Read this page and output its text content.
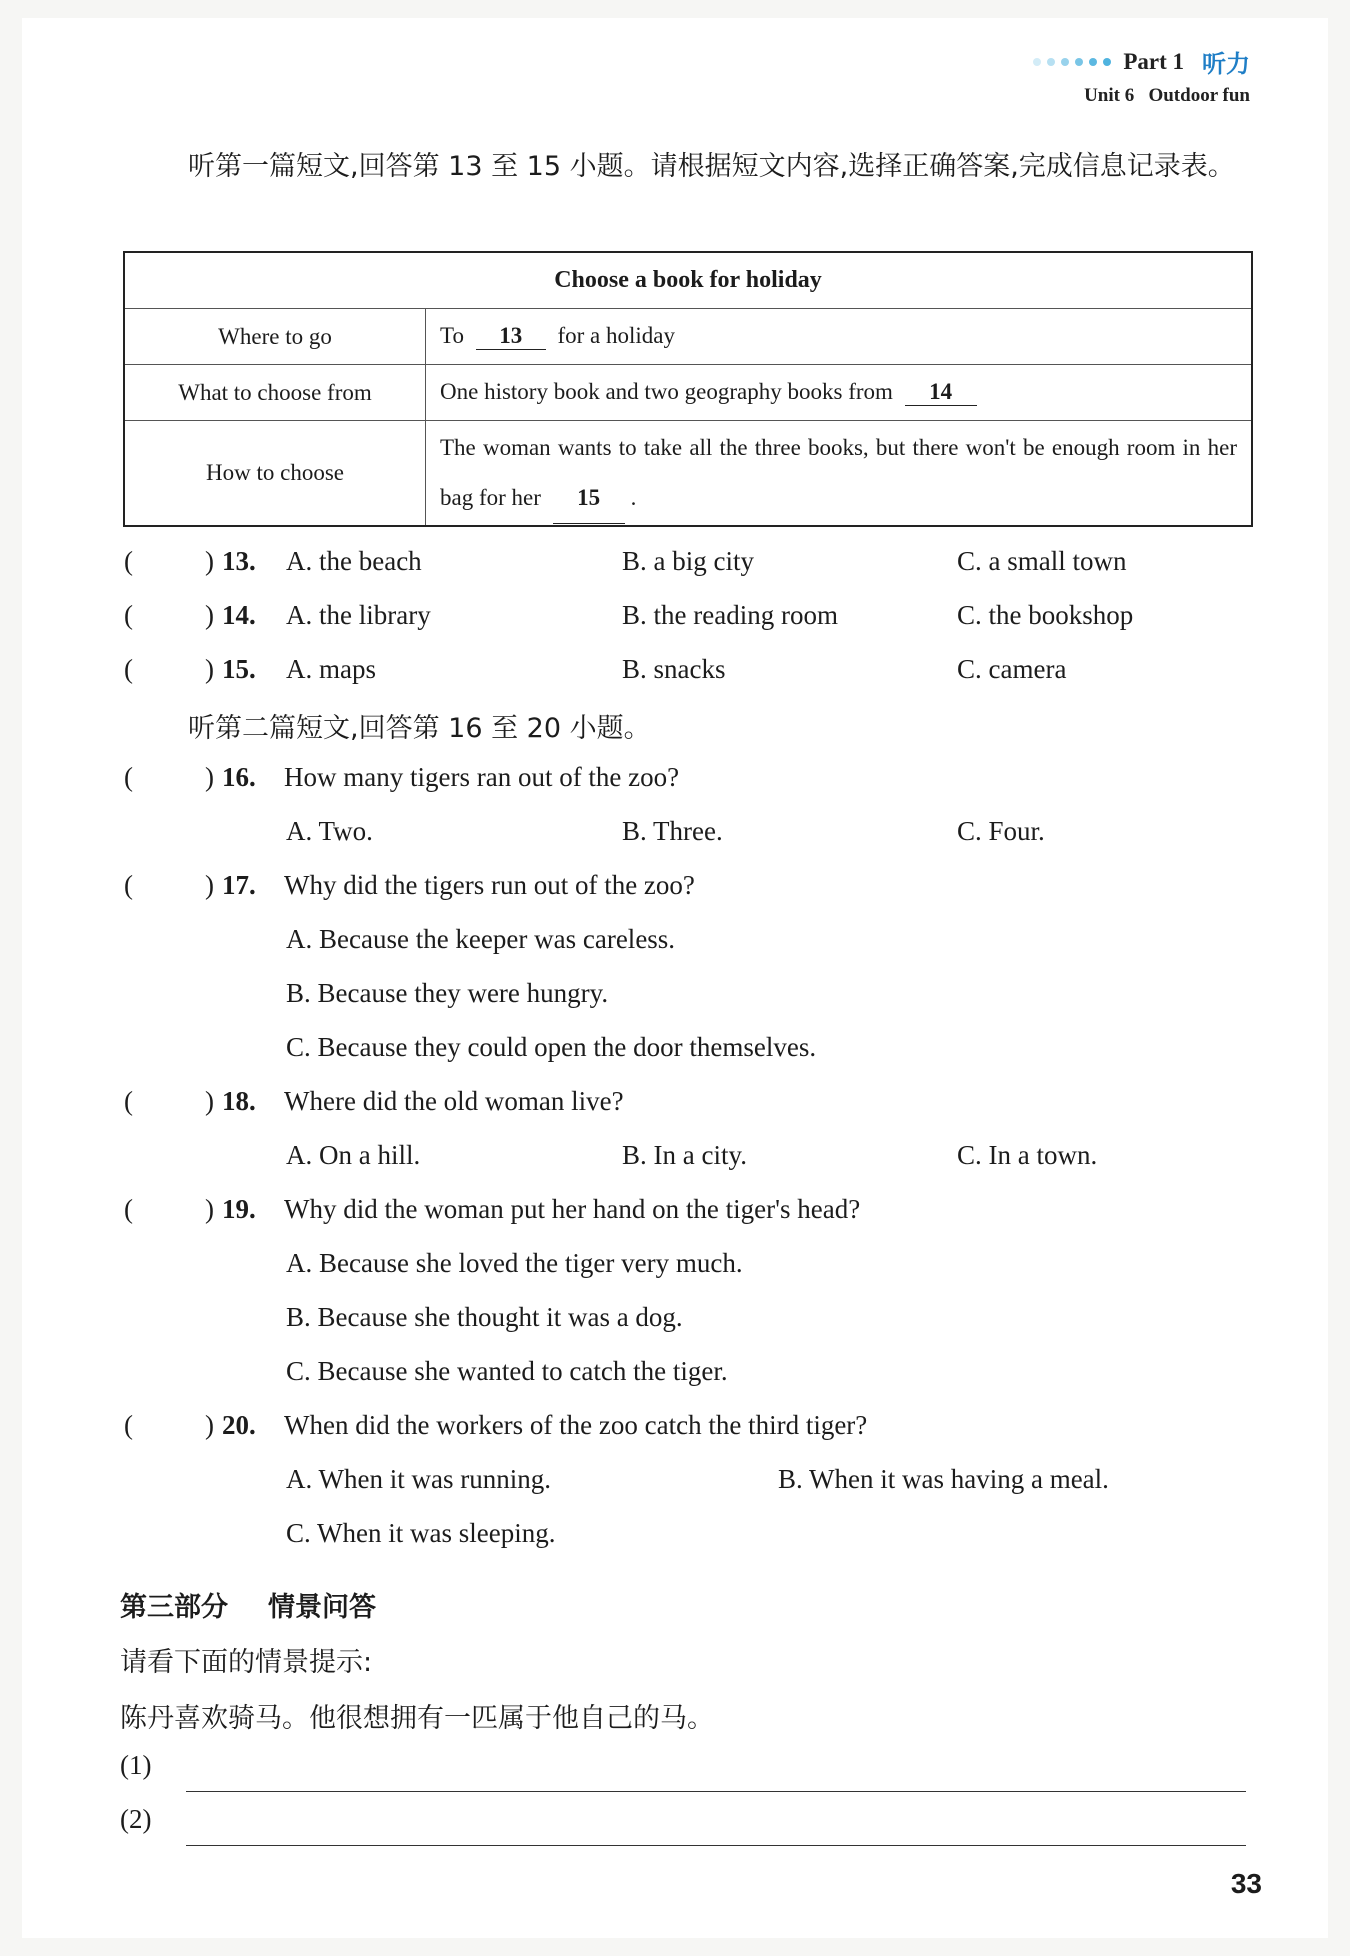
Part 1 听力
Unit 6   Outdoor fun
听第一篇短文,回答第 13 至 15 小题。请根据短文内容,选择正确答案,完成信息记录表。
Choose a book for holiday	
Where to go	To 13 for a holiday
What to choose from	One history book and two geography books from 14
How to choose	The woman wants to take all the three books, but there won't be enough room in her bag for her 15 .
(	) 13. A. the beach	B. a big city	C. a small town
(	) 14. A. the library	B. the reading room	C. the bookshop
(	) 15. A. maps	B. snacks	C. camera
听第二篇短文,回答第 16 至 20 小题。
(	) 16. How many tigers ran out of the zoo?
A. Two.	B. Three.	C. Four.
(	) 17. Why did the tigers run out of the zoo?
A. Because the keeper was careless.
B. Because they were hungry.
C. Because they could open the door themselves.
(	) 18. Where did the old woman live?
A. On a hill.	B. In a city.	C. In a town.
(	) 19. Why did the woman put her hand on the tiger's head?
A. Because she loved the tiger very much.
B. Because she thought it was a dog.
C. Because she wanted to catch the tiger.
(	) 20. When did the workers of the zoo catch the third tiger?
A. When it was running.	B. When it was having a meal.
C. When it was sleeping.
第三部分 情景问答
请看下面的情景提示:
陈丹喜欢骑马。他很想拥有一匹属于他自己的马。
(1)
(2)
33
